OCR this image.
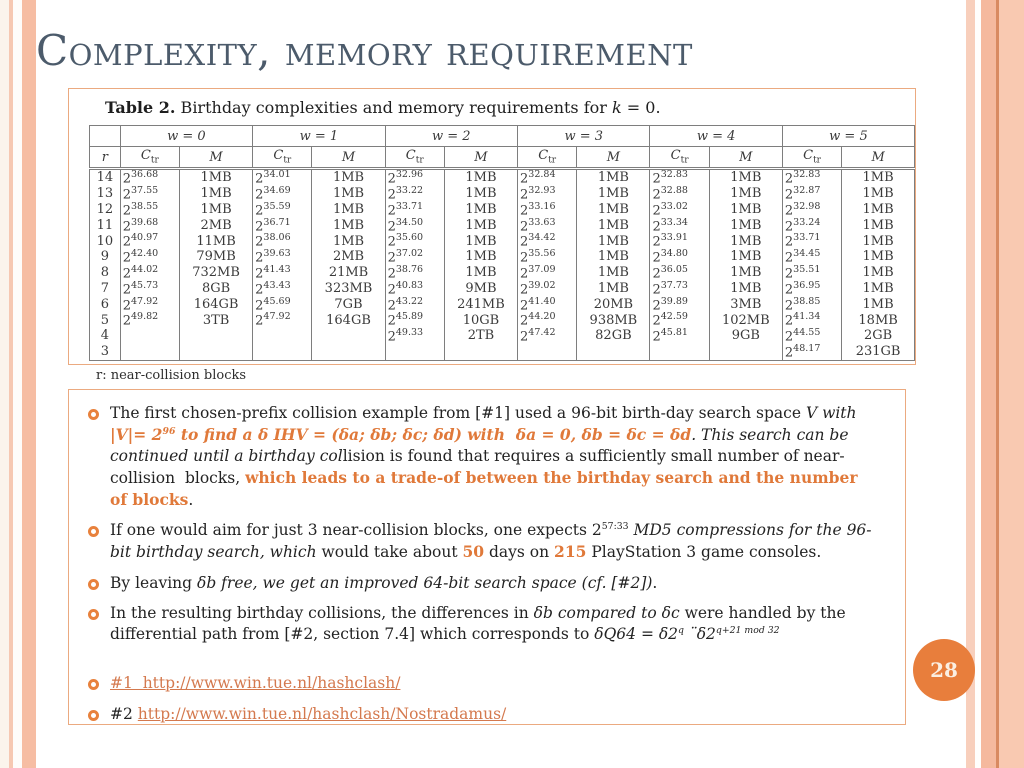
Complexity, memory requirement
Table 2. Birthday complexities and memory requirements for k = 0.
	w = 0		w = 1		w = 2		w = 3		w = 4		w = 5	
r	$C_{tr}$	M	$C_{tr}$	M	$C_{tr}$	M	$C_{tr}$	M	$C_{tr}$	M	$C_{tr}$	M
14	$2^{36.68}$	1MB	$2^{34.01}$	1MB	$2^{32.96}$	1MB	$2^{32.84}$	1MB	$2^{32.83}$	1MB	$2^{32.83}$	1MB
13	$2^{37.55}$	1MB	$2^{34.69}$	1MB	$2^{33.22}$	1MB	$2^{32.93}$	1MB	$2^{32.88}$	1MB	$2^{32.87}$	1MB
12	$2^{38.55}$	1MB	$2^{35.59}$	1MB	$2^{33.71}$	1MB	$2^{33.16}$	1MB	$2^{33.02}$	1MB	$2^{32.98}$	1MB
11	$2^{39.68}$	2MB	$2^{36.71}$	1MB	$2^{34.50}$	1MB	$2^{33.63}$	1MB	$2^{33.34}$	1MB	$2^{33.24}$	1MB
10	$2^{40.97}$	11MB	$2^{38.06}$	1MB	$2^{35.60}$	1MB	$2^{34.42}$	1MB	$2^{33.91}$	1MB	$2^{33.71}$	1MB
9	$2^{42.40}$	79MB	$2^{39.63}$	2MB	$2^{37.02}$	1MB	$2^{35.56}$	1MB	$2^{34.80}$	1MB	$2^{34.45}$	1MB
8	$2^{44.02}$	732MB	$2^{41.43}$	21MB	$2^{38.76}$	1MB	$2^{37.09}$	1MB	$2^{36.05}$	1MB	$2^{35.51}$	1MB
7	$2^{45.73}$	8GB	$2^{43.43}$	323MB	$2^{40.83}$	9MB	$2^{39.02}$	1MB	$2^{37.73}$	1MB	$2^{36.95}$	1MB
6	$2^{47.92}$	164GB	$2^{45.69}$	7GB	$2^{43.22}$	241MB	$2^{41.40}$	20MB	$2^{39.89}$	3MB	$2^{38.85}$	1MB
5	$2^{49.82}$	3TB	$2^{47.92}$	164GB	$2^{45.89}$	10GB	$2^{44.20}$	938MB	$2^{42.59}$	102MB	$2^{41.34}$	18MB
4					$2^{49.33}$	2TB	$2^{47.42}$	82GB	$2^{45.81}$	9GB	$2^{44.55}$	2GB
3											$2^{48.17}$	231GB
r: near-collision blocks
The first chosen-prefix collision example from [#1] used a 96-bit birth-day search space V with $|V|= 2^{96}$ to find a δ IHV = (δa; δb; δc; δd) with  δa = 0, δb = δc = δd. This search can be continued until a birthday collision is found that requires a sufficiently small number of near-collision  blocks, which leads to a trade-of between the birthday search and the number of blocks.
If one would aim for just 3 near-collision blocks, one expects $2^{57:33}$ MD5 compressions for the 96-bit birthday search, which would take about 50 days on 215 PlayStation 3 game consoles.
By leaving δb free, we get an improved 64-bit search space (cf. [#2]).
In the resulting birthday collisions, the differences in δb compared to δc were handled by the differential path from [#2, section 7.4] which corresponds to $\delta Q64 = \delta 2^q$ $¨\delta 2^{q+21 mod 32}$
#1  http://www.win.tue.nl/hashclash/
#2 http://www.win.tue.nl/hashclash/Nostradamus/
28
